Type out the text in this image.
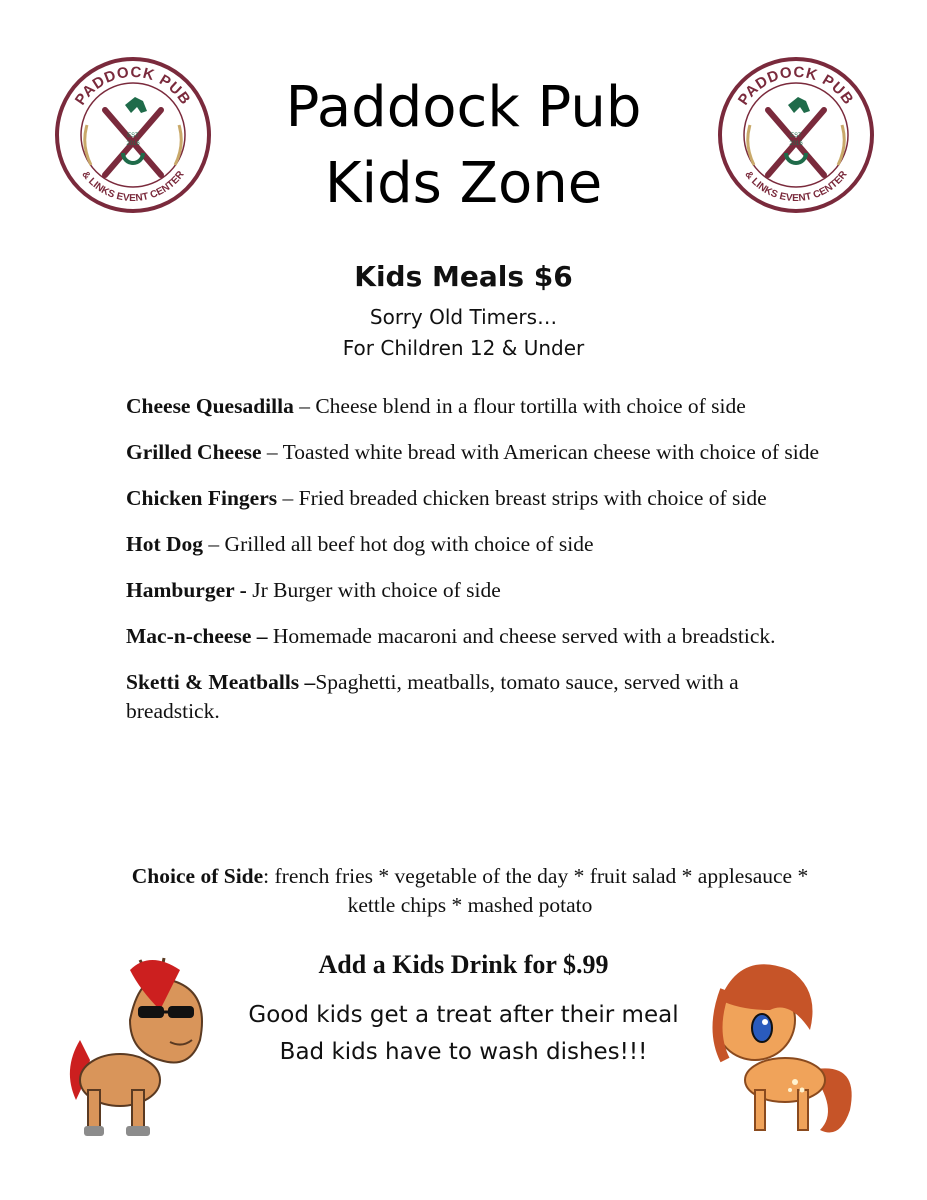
PADDOCK PUB
& LINKS EVENT CENTER
EST
2016
PADDOCK PUB
& LINKS EVENT CENTER
EST
2016
Paddock Pub
Kids Zone
Kids Meals $6
Sorry Old Timers…
For Children 12 & Under
Cheese Quesadilla – Cheese blend in a flour tortilla with choice of side
Grilled Cheese – Toasted white bread with American cheese with choice of side
Chicken Fingers – Fried breaded chicken breast strips with choice of side
Hot Dog – Grilled all beef hot dog with choice of side
Hamburger - Jr Burger with choice of side
Mac-n-cheese – Homemade macaroni and cheese served with a breadstick.
Sketti & Meatballs –Spaghetti, meatballs, tomato sauce, served with a breadstick.
Choice of Side: french fries * vegetable of the day * fruit salad * applesauce * kettle chips * mashed potato
Add a Kids Drink for $.99
Good kids get a treat after their meal
Bad kids have to wash dishes!!!
